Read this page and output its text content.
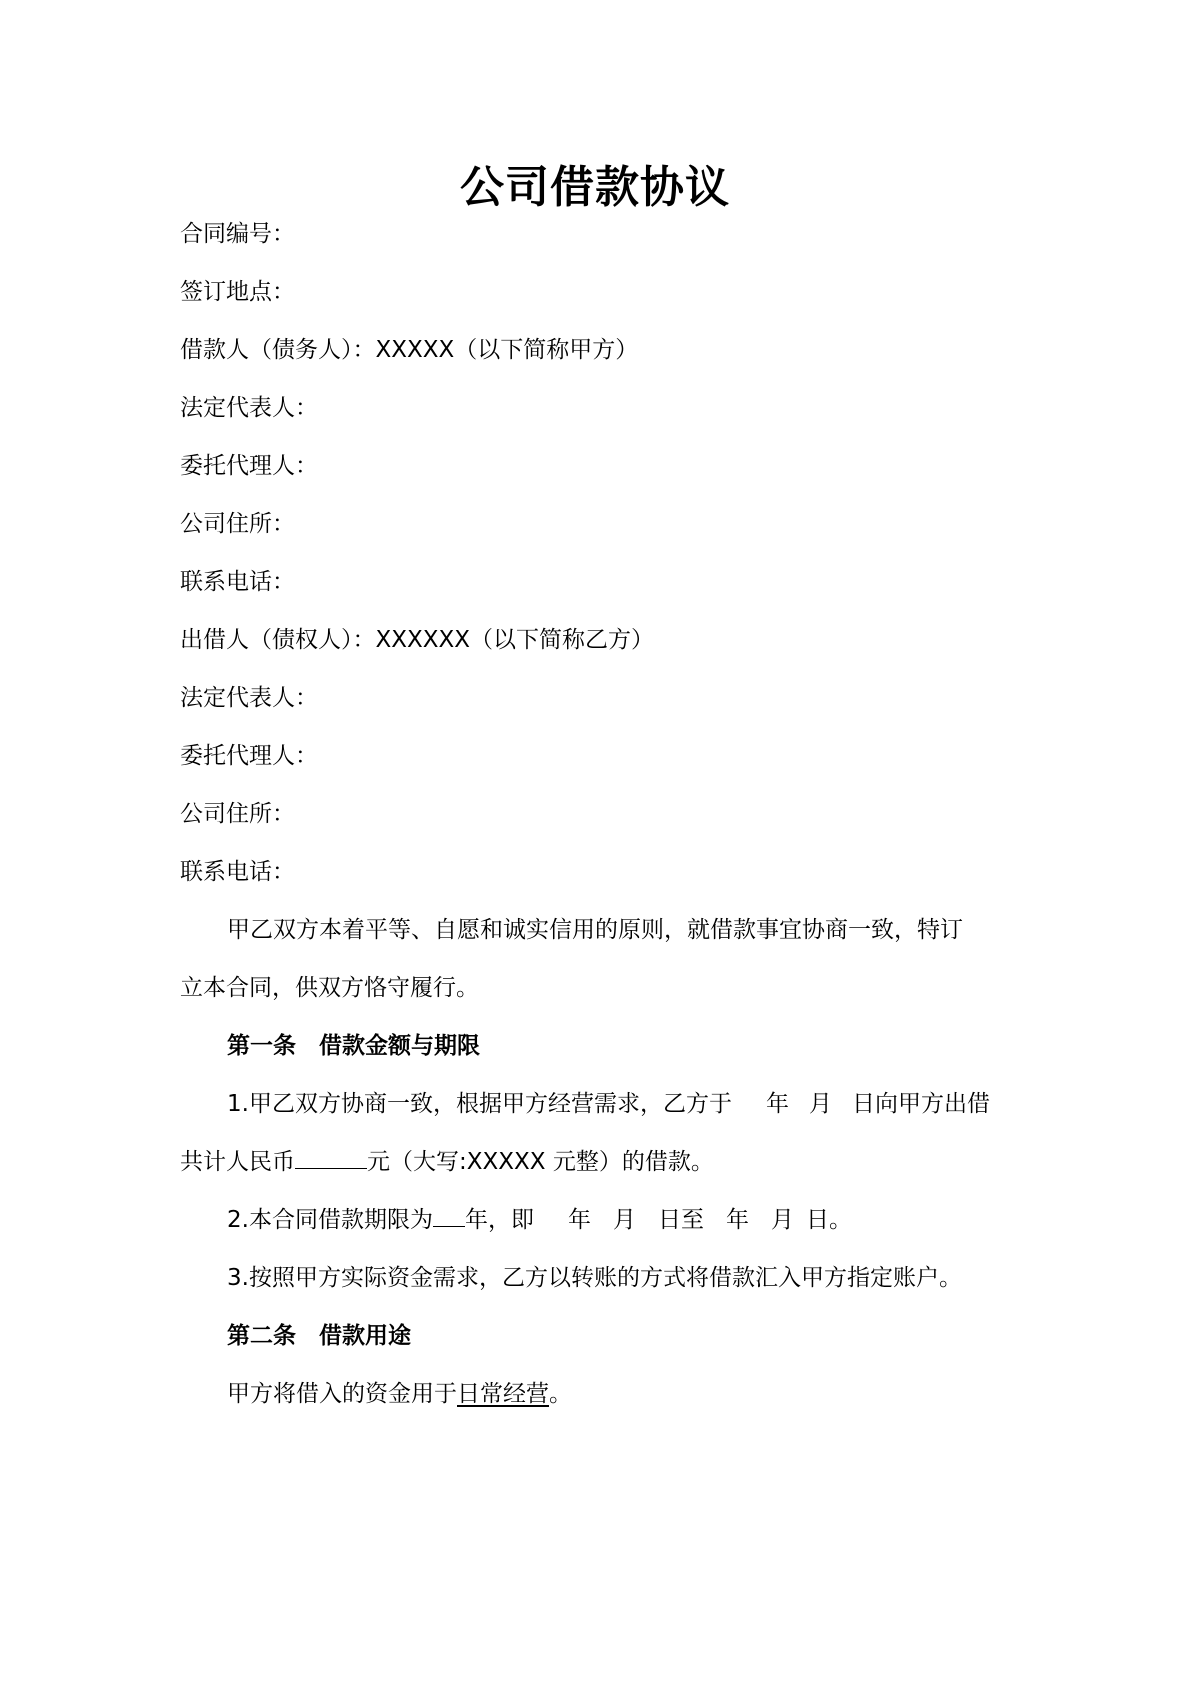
公司借款协议
合同编号：
签订地点：
借款人（债务人）：XXXXX（以下简称甲方）
法定代表人：
委托代理人：
公司住所：
联系电话：
出借人（债权人）：XXXXXX（以下简称乙方）
法定代表人：
委托代理人：
公司住所：
联系电话：
甲乙双方本着平等、自愿和诚实信用的原则，就借款事宜协商一致，特订
立本合同，供双方恪守履行。
第一条　借款金额与期限
1.甲乙双方协商一致，根据甲方经营需求，乙方于 年 月 日向甲方出借
共计人民币	元（大写:XXXXX 元整）的借款。
2.本合同借款期限为 年，即 年 月 日至 年 月 日。
3.按照甲方实际资金需求，乙方以转账的方式将借款汇入甲方指定账户。
第二条　借款用途
甲方将借入的资金用于日常经营。
